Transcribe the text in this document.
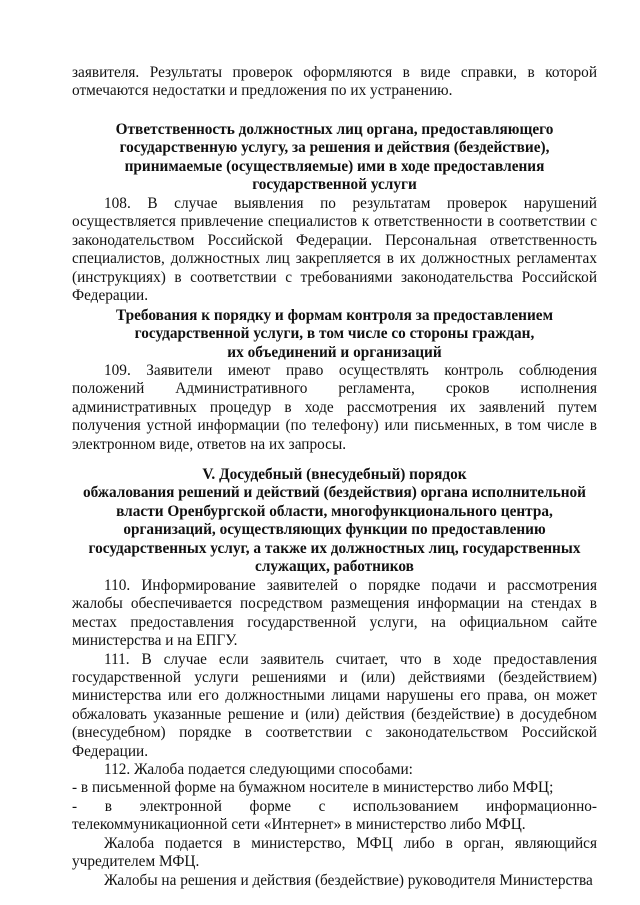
заявителя. Результаты проверок оформляются в виде справки, в которой отмечаются недостатки и предложения по их устранению.

Ответственность должностных лиц органа, предоставляющего

государственную услугу, за решения и действия (бездействие),

принимаемые (осуществляемые) ими в ходе предоставления

государственной услуги

108. В случае выявления по результатам проверок нарушений осуществляется привлечение специалистов к ответственности в соответствии с законодательством Российской Федерации. Персональная ответственность специалистов, должностных лиц закрепляется в их должностных регламентах (инструкциях) в соответствии с требованиями законодательства Российской Федерации.

Требования к порядку и формам контроля за предоставлением

государственной услуги, в том числе со стороны граждан,

их объединений и организаций

109. Заявители имеют право осуществлять контроль соблюдения положений Административного регламента, сроков исполнения административных процедур в ходе рассмотрения их заявлений путем получения устной информации (по телефону) или письменных, в том числе в электронном виде, ответов на их запросы.

V. Досудебный (внесудебный) порядок

обжалования решений и действий (бездействия) органа исполнительной

власти Оренбургской области, многофункционального центра,

организаций, осуществляющих функции по предоставлению

государственных услуг, а также их должностных лиц, государственных

служащих, работников

110. Информирование заявителей о порядке подачи и рассмотрения жалобы обеспечивается посредством размещения информации на стендах в местах предоставления государственной услуги, на официальном сайте министерства и на ЕПГУ.

111. В случае если заявитель считает, что в ходе предоставления государственной услуги решениями и (или) действиями (бездействием) министерства или его должностными лицами нарушены его права, он может обжаловать указанные решение и (или) действия (бездействие) в досудебном (внесудебном) порядке в соответствии с законодательством Российской Федерации.

112. Жалоба подается следующими способами:

- в письменной форме на бумажном носителе в министерство либо МФЦ;

- в электронной форме с использованием информационно-телекоммуникационной сети «Интернет» в министерство либо МФЦ.

Жалоба подается в министерство, МФЦ либо в орган, являющийся учредителем МФЦ.

Жалобы на решения и действия (бездействие) руководителя Министерства
